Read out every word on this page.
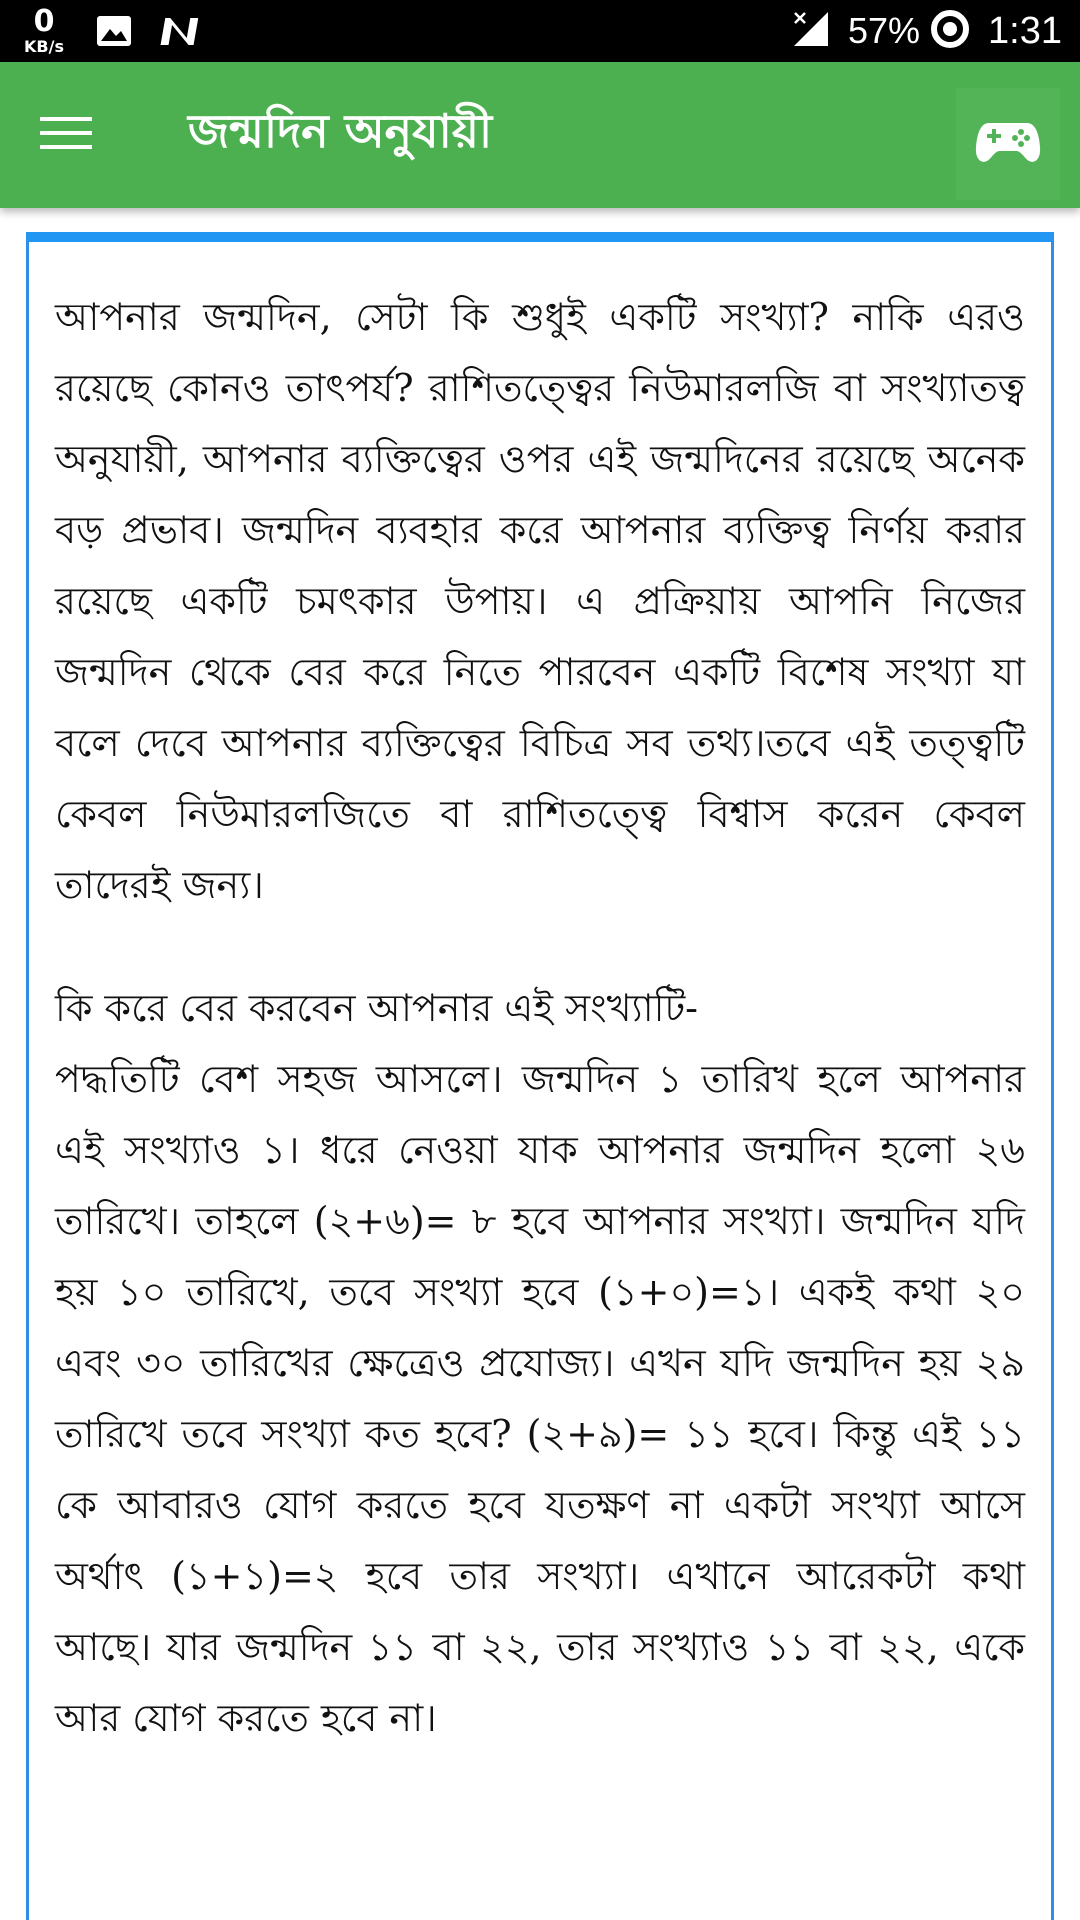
0
KB/s	57% 1:31
জন্মদিন অনুযায়ী

আপনার জন্মদিন, সেটা কি শুধুই একটি সংখ্যা? নাকি এরও রয়েছে কোনও তাৎপর্য? রাশিতত্ত্বের নিউমারলজি বা সংখ্যাতত্ব অনুযায়ী, আপনার ব্যক্তিত্বের ওপর এই জন্মদিনের রয়েছে অনেক বড় প্রভাব। জন্মদিন ব্যবহার করে আপনার ব্যক্তিত্ব নির্ণয় করার রয়েছে একটি চমৎকার উপায়। এ প্রক্রিয়ায় আপনি নিজের জন্মদিন থেকে বের করে নিতে পারবেন একটি বিশেষ সংখ্যা যা বলে দেবে আপনার ব্যক্তিত্বের বিচিত্র সব তথ্য।তবে এই তত্ত্বটি কেবল নিউমারলজিতে বা রাশিতত্ত্বে বিশ্বাস করেন কেবল তাদেরই জন্য।

কি করে বের করবেন আপনার এই সংখ্যাটি-

পদ্ধতিটি বেশ সহজ আসলে। জন্মদিন ১ তারিখ হলে আপনার এই সংখ্যাও ১। ধরে নেওয়া যাক আপনার জন্মদিন হলো ২৬ তারিখে। তাহলে (২+৬)= ৮ হবে আপনার সংখ্যা। জন্মদিন যদি হয় ১০ তারিখে, তবে সংখ্যা হবে (১+০)=১। একই কথা ২০ এবং ৩০ তারিখের ক্ষেত্রেও প্রযোজ্য। এখন যদি জন্মদিন হয় ২৯ তারিখে তবে সংখ্যা কত হবে? (২+৯)= ১১ হবে। কিন্তু এই ১১ কে আবারও যোগ করতে হবে যতক্ষণ না একটা সংখ্যা আসে অর্থাৎ (১+১)=২ হবে তার সংখ্যা। এখানে আরেকটা কথা আছে। যার জন্মদিন ১১ বা ২২, তার সংখ্যাও ১১ বা ২২, একে আর যোগ করতে হবে না।
